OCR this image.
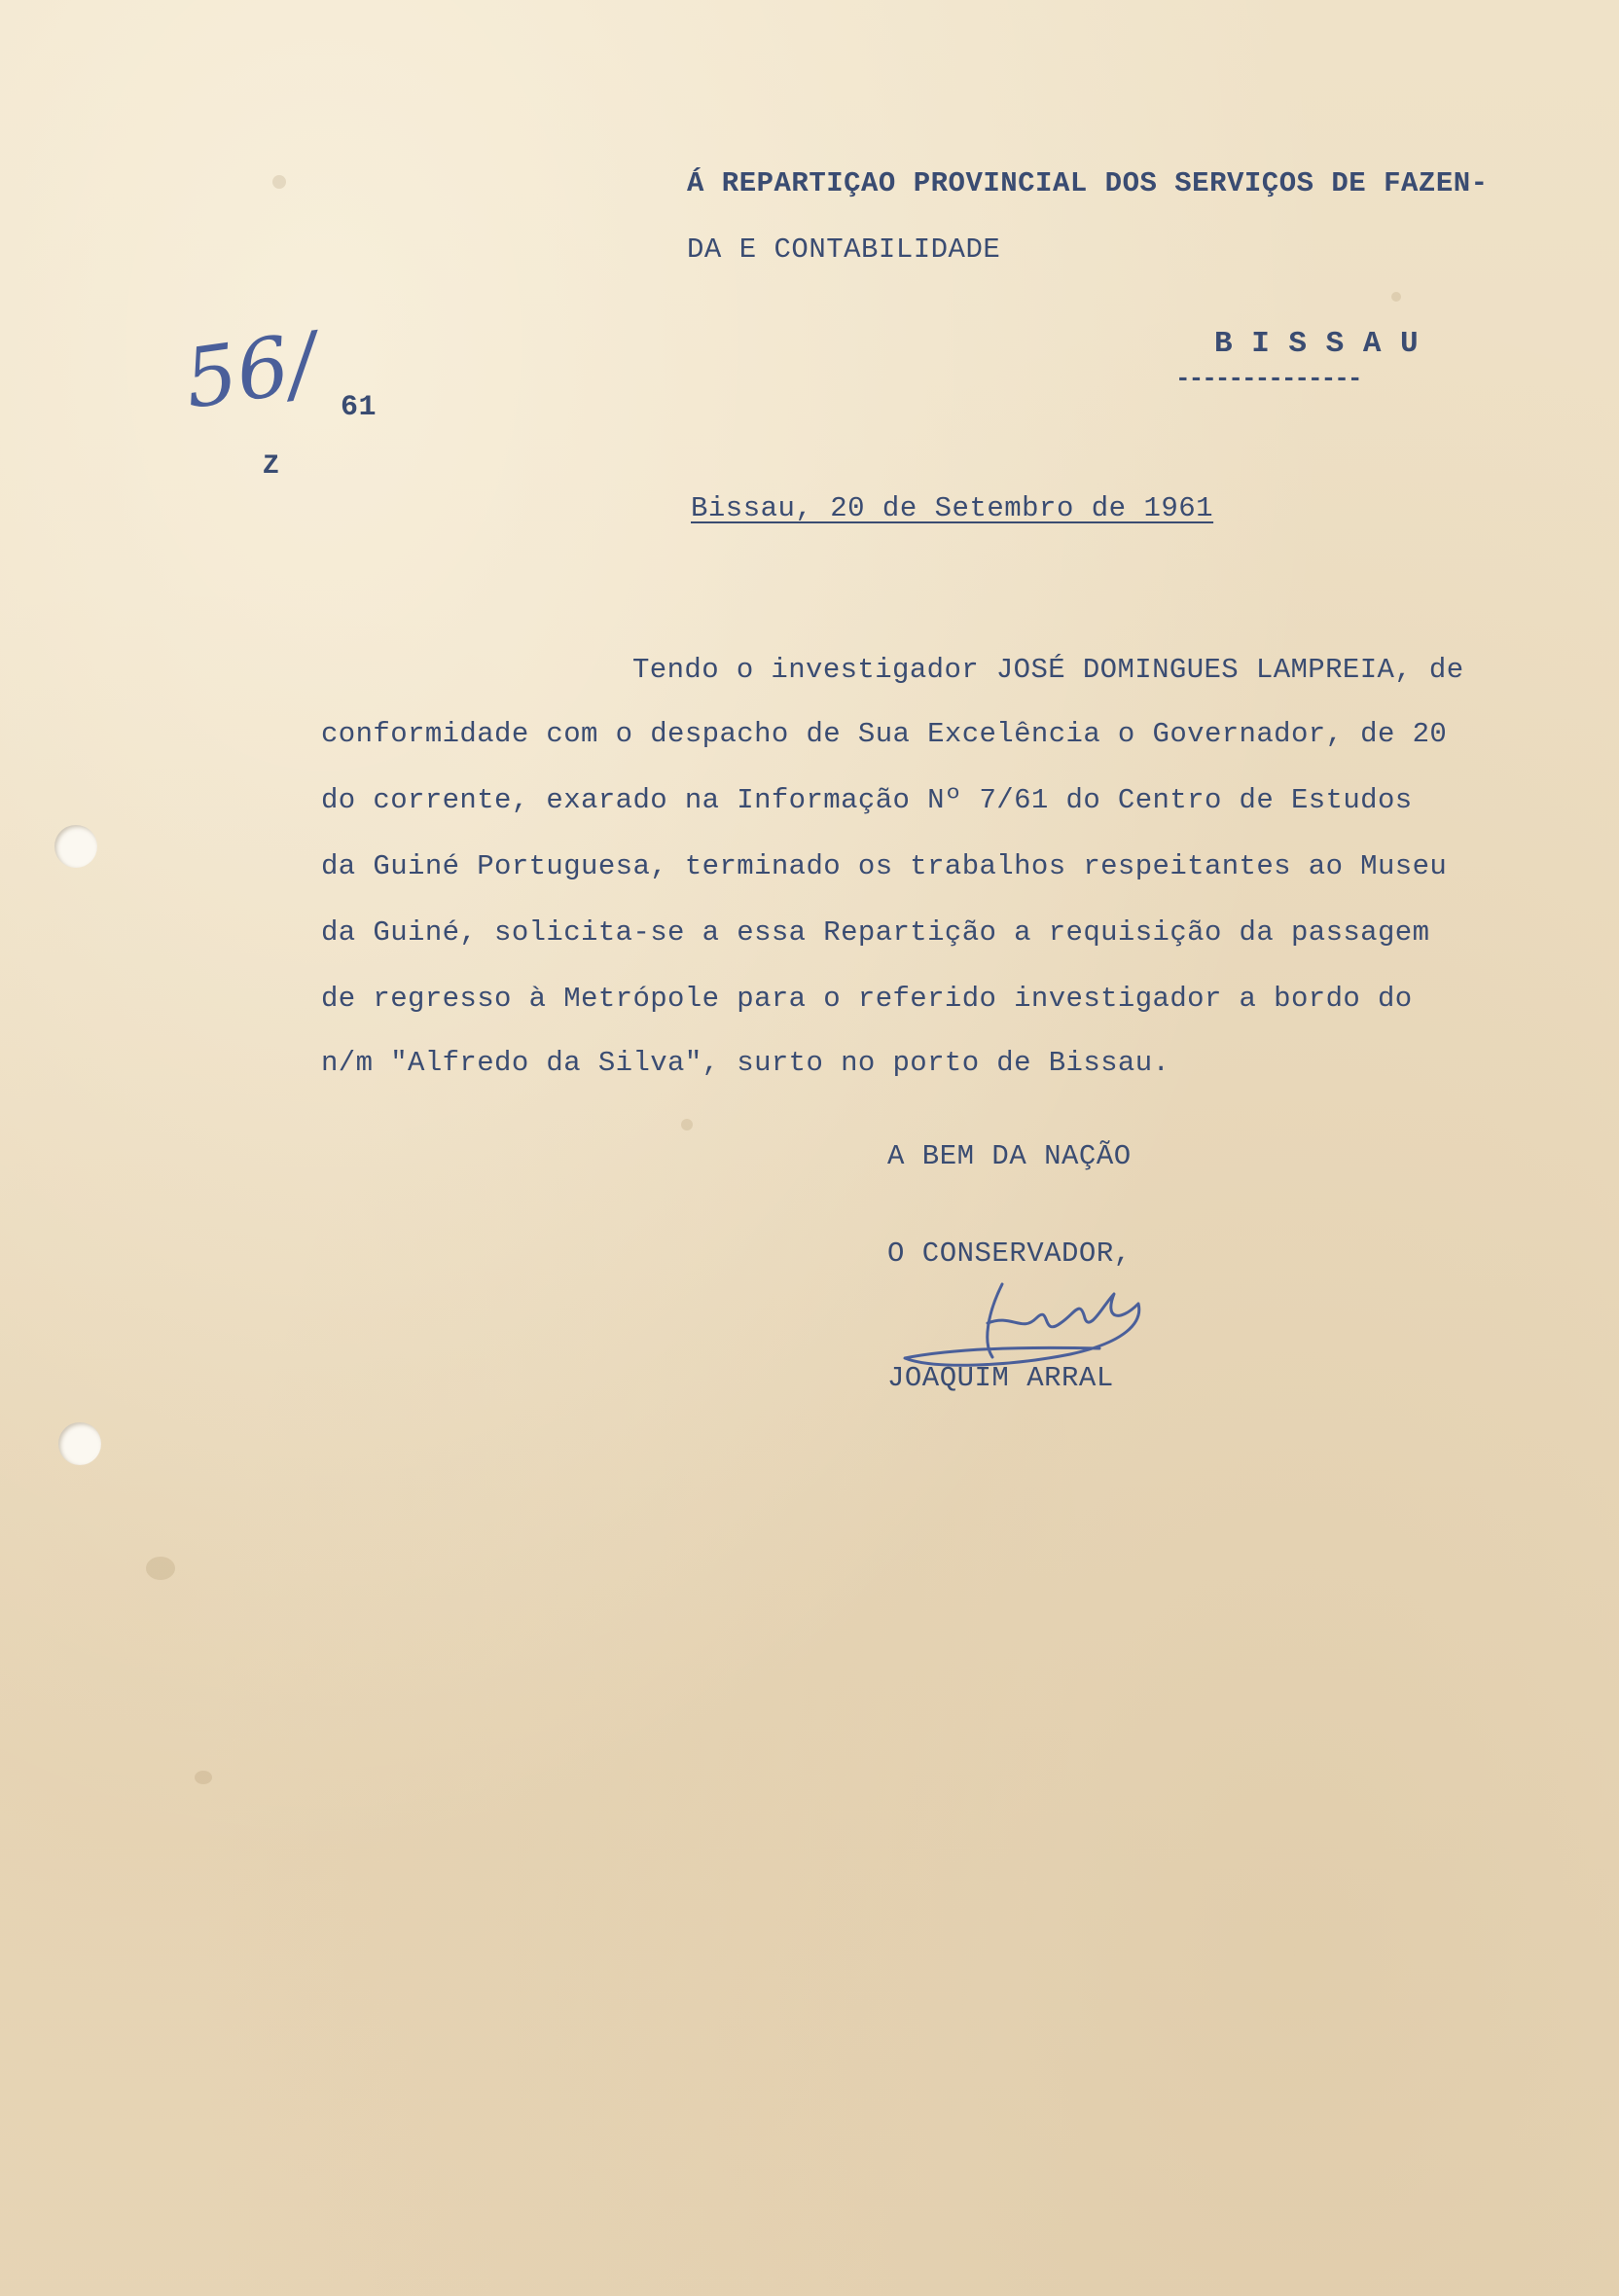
Á REPARTIÇAO PROVINCIAL DOS SERVIÇOS DE FAZEN-
DA E CONTABILIDADE
B I S S A U
--------------
56/ 61
Z
Bissau, 20 de Setembro de 1961
Tendo o investigador JOSÉ DOMINGUES LAMPREIA, de
conformidade com o despacho de Sua Excelência o Governador, de 20
do corrente, exarado na Informação Nº 7/61 do Centro de Estudos
da Guiné Portuguesa, terminado os trabalhos respeitantes ao Museu
da Guiné, solicita-se a essa Repartição a requisição da passagem
de regresso à Metrópole para o referido investigador a bordo do
n/m "Alfredo da Silva", surto no porto de Bissau.
A BEM DA NAÇÃO
O CONSERVADOR,
JOAQUIM ARRAL
